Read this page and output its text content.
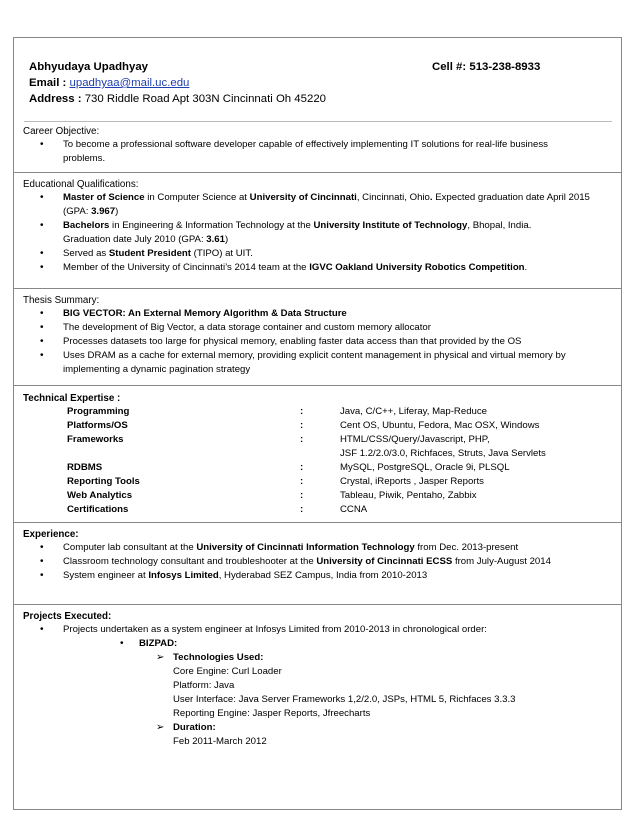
Abhyudaya Upadhyay	Cell #: 513-238-8933
Email : upadhyaa@mail.uc.edu
Address : 730 Riddle Road Apt 303N Cincinnati Oh 45220
Career Objective:
• To become a professional software developer capable of effectively implementing IT solutions for real-life business problems.
Educational Qualifications:
• Master of Science in Computer Science at University of Cincinnati, Cincinnati, Ohio. Expected graduation date April 2015 (GPA: 3.967)
• Bachelors in Engineering & Information Technology at the University Institute of Technology, Bhopal, India. Graduation date July 2010 (GPA: 3.61)
• Served as Student President (TIPO) at UIT.
• Member of the University of Cincinnati’s 2014 team at the IGVC Oakland University Robotics Competition.
Thesis Summary:
• BIG VECTOR: An External Memory Algorithm & Data Structure
• The development of Big Vector, a data storage container and custom memory allocator
• Processes datasets too large for physical memory, enabling faster data access than that provided by the OS
• Uses DRAM as a cache for external memory, providing explicit content management in physical and virtual memory by implementing a dynamic pagination strategy
Technical Expertise :
Programming	:	Java, C/C++, Liferay, Map-Reduce
Platforms/OS	:	Cent OS, Ubuntu, Fedora, Mac OSX, Windows
Frameworks	:	HTML/CSS/Query/Javascript, PHP,
JSF 1.2/2.0/3.0, Richfaces, Struts, Java Servlets
RDBMS	:	MySQL, PostgreSQL, Oracle 9i, PLSQL
Reporting Tools	:	Crystal, iReports , Jasper Reports
Web Analytics	:	Tableau, Piwik, Pentaho, Zabbix
Certifications	:	CCNA
Experience:
• Computer lab consultant at the University of Cincinnati Information Technology from Dec. 2013-present
• Classroom technology consultant and troubleshooter at the University of Cincinnati ECSS from July-August 2014
• System engineer at Infosys Limited, Hyderabad SEZ Campus, India from 2010-2013
Projects Executed:
• Projects undertaken as a system engineer at Infosys Limited from 2010-2013 in chronological order:
• BIZPAD:
➢ Technologies Used:
Core Engine: Curl Loader
Platform: Java
User Interface: Java Server Frameworks 1,2/2.0, JSPs, HTML 5, Richfaces 3.3.3
Reporting Engine: Jasper Reports, Jfreecharts
➢ Duration:
Feb 2011-March 2012
